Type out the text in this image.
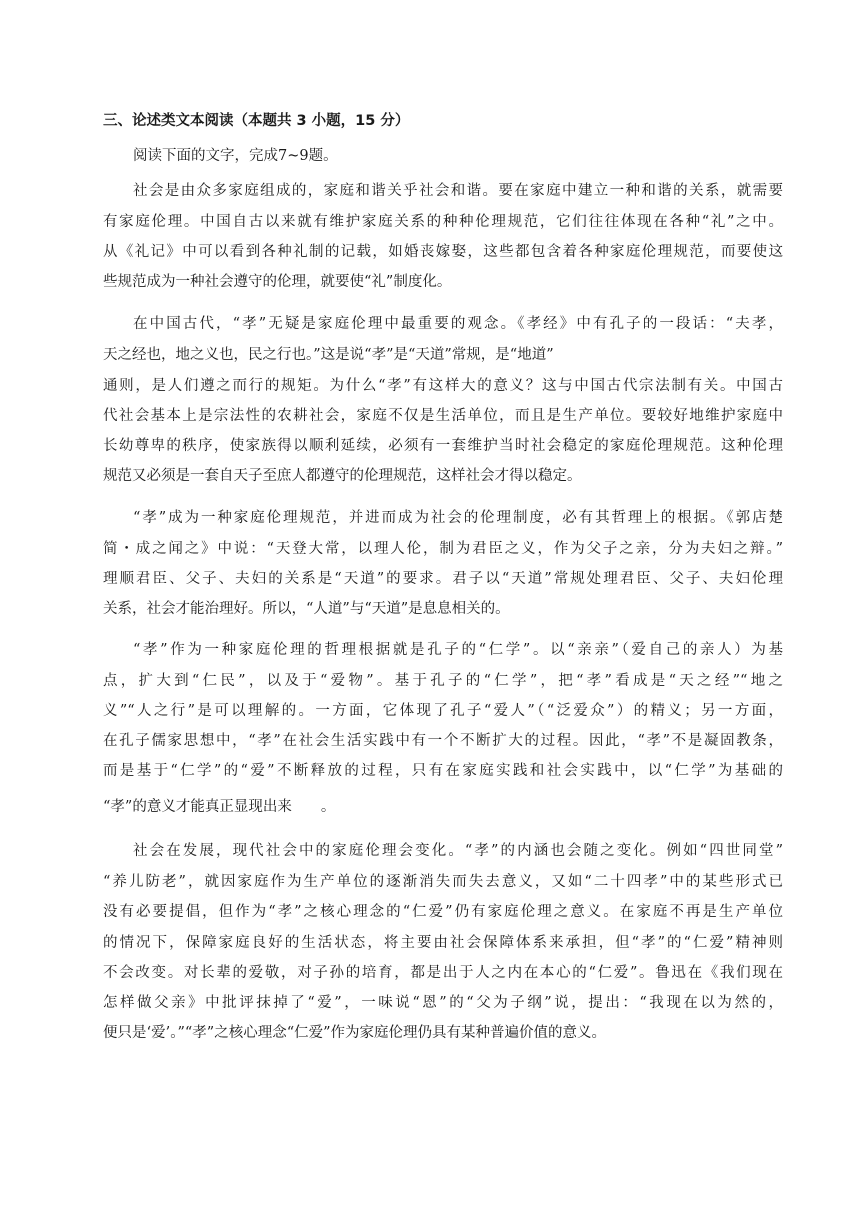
三、论述类文本阅读（本题共 3 小题，15 分）
阅读下面的文字，完成7~9题。
社会是由众多家庭组成的，家庭和谐关乎社会和谐。要在家庭中建立一种和谐的关系，就需要
有家庭伦理。中国自古以来就有维护家庭关系的种种伦理规范，它们往往体现在各种“礼”之中。
从《礼记》中可以看到各种礼制的记载，如婚丧嫁娶，这些都包含着各种家庭伦理规范，而要使这
些规范成为一种社会遵守的伦理，就要使“礼”制度化。
在中国古代，“孝”无疑是家庭伦理中最重要的观念。《孝经》中有孔子的一段话：“夫孝，
天之经也，地之义也，民之行也。”这是说“孝”是“天道”常规，是“地道”
通则，是人们遵之而行的规矩。为什么“孝”有这样大的意义？这与中国古代宗法制有关。中国古
代社会基本上是宗法性的农耕社会，家庭不仅是生活单位，而且是生产单位。要较好地维护家庭中
长幼尊卑的秩序，使家族得以顺利延续，必须有一套维护当时社会稳定的家庭伦理规范。这种伦理
规范又必须是一套自天子至庶人都遵守的伦理规范，这样社会才得以稳定。
“孝”成为一种家庭伦理规范，并进而成为社会的伦理制度，必有其哲理上的根据。《郭店楚
简・成之闻之》中说：“天登大常，以理人伦，制为君臣之义，作为父子之亲，分为夫妇之辩。”
理顺君臣、父子、夫妇的关系是“天道”的要求。君子以“天道”常规处理君臣、父子、夫妇伦理
关系，社会才能治理好。所以，“人道”与“天道”是息息相关的。
“孝”作为一种家庭伦理的哲理根据就是孔子的“仁学”。以“亲亲”（爱自己的亲人）为基
点，扩大到“仁民”，以及于“爱物”。基于孔子的“仁学”，把“孝”看成是“天之经”“地之
义”“人之行”是可以理解的。一方面，它体现了孔子“爱人”（“泛爱众”）的精义；另一方面，
在孔子儒家思想中，“孝”在社会生活实践中有一个不断扩大的过程。因此，“孝”不是凝固教条，
而是基于“仁学”的“爱”不断释放的过程，只有在家庭实践和社会实践中，以“仁学”为基础的
“孝”的意义才能真正显现出来　　。
社会在发展，现代社会中的家庭伦理会变化。“孝”的内涵也会随之变化。例如“四世同堂”
“养儿防老”，就因家庭作为生产单位的逐渐消失而失去意义，又如“二十四孝”中的某些形式已
没有必要提倡，但作为“孝”之核心理念的“仁爱”仍有家庭伦理之意义。在家庭不再是生产单位
的情况下，保障家庭良好的生活状态，将主要由社会保障体系来承担，但“孝”的“仁爱”精神则
不会改变。对长辈的爱敬，对子孙的培育，都是出于人之内在本心的“仁爱”。鲁迅在《我们现在
怎样做父亲》中批评抹掉了“爱”，一味说“恩”的“父为子纲”说，提出：“我现在以为然的，
便只是‘爱’。”“孝”之核心理念“仁爱”作为家庭伦理仍具有某种普遍价值的意义。
